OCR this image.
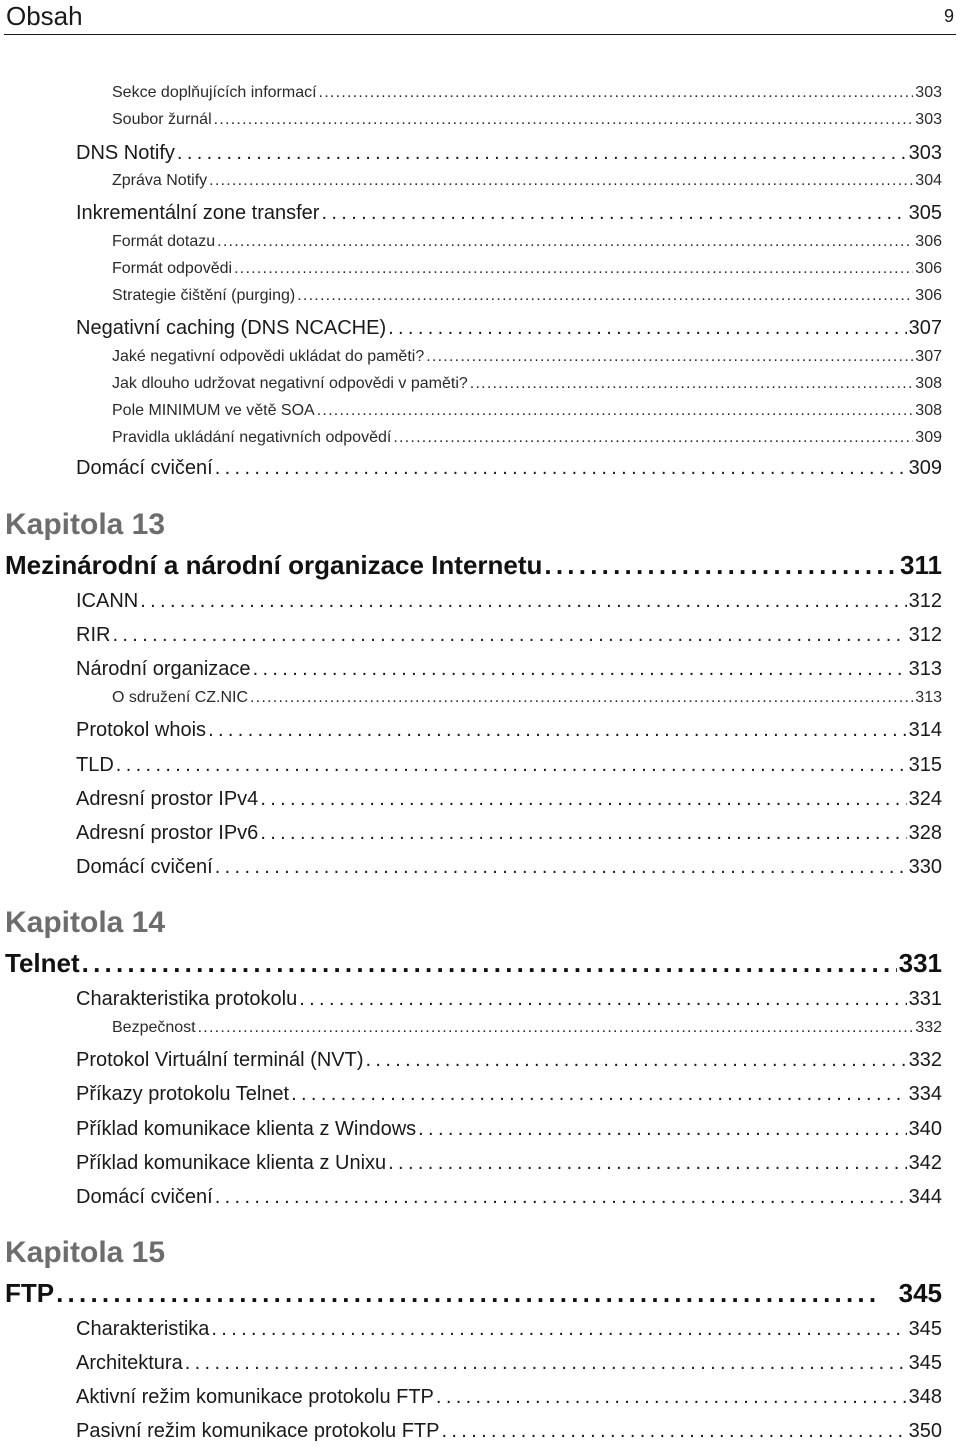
Obsah	9
Sekce doplňujících informací . . .	303
Soubor žurnál . . .	303
DNS Notify . . .	303
Zpráva Notify . . .	304
Inkrementální zone transfer . . .	305
Formát dotazu . . .	306
Formát odpovědi . . .	306
Strategie čištění (purging) . . .	306
Negativní caching (DNS NCACHE) . . .	307
Jaké negativní odpovědi ukládat do paměti? . . .	307
Jak dlouho udržovat negativní odpovědi v paměti? . . .	308
Pole MINIMUM ve větě SOA . . .	308
Pravidla ukládání negativních odpovědí . . .	309
Domácí cvičení . . .	309
Kapitola 13
Mezinárodní a národní organizace Internetu . . .	311
ICANN . . .	312
RIR . . .	312
Národní organizace . . .	313
O sdružení CZ.NIC . . .	313
Protokol whois . . .	314
TLD . . .	315
Adresní prostor IPv4 . . .	324
Adresní prostor IPv6 . . .	328
Domácí cvičení . . .	330
Kapitola 14
Telnet . . .	331
Charakteristika protokolu . . .	331
Bezpečnost . . .	332
Protokol Virtuální terminál (NVT) . . .	332
Příkazy protokolu Telnet . . .	334
Příklad komunikace klienta z Windows . . .	340
Příklad komunikace klienta z Unixu . . .	342
Domácí cvičení . . .	344
Kapitola 15
FTP . . .	345
Charakteristika . . .	345
Architektura . . .	345
Aktivní režim komunikace protokolu FTP . . .	348
Pasivní režim komunikace protokolu FTP . . .	350
